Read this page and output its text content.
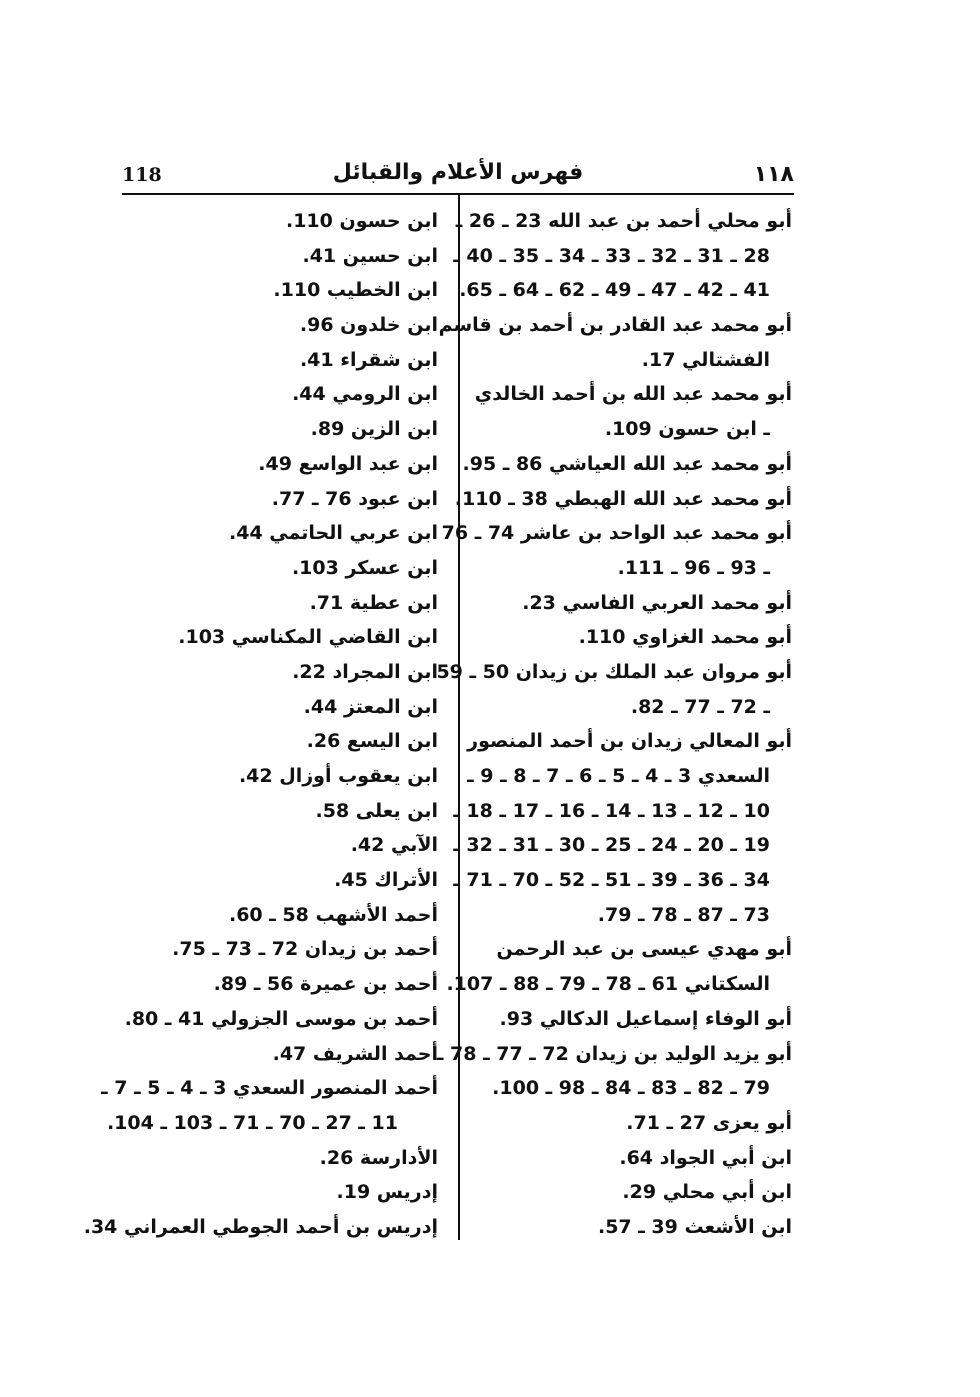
118	فهرس الأعلام والقبائل	١١٨
أبو محلي أحمد بن عبد الله 23 ـ 26 ـ
28 ـ 31 ـ 32 ـ 33 ـ 34 ـ 35 ـ 40 ـ
41 ـ 42 ـ 47 ـ 49 ـ 62 ـ 64 ـ 65.
أبو محمد عبد القادر بن أحمد بن قاسم
الفشتالي 17.
أبو محمد عبد الله بن أحمد الخالدي
ـ ابن حسون 109.
أبو محمد عبد الله العياشي 86 ـ 95.
أبو محمد عبد الله الهبطي 38 ـ 110.
أبو محمد عبد الواحد بن عاشر 74 ـ 76
ـ 93 ـ 96 ـ 111.
أبو محمد العربي الفاسي 23.
أبو محمد الغزاوي 110.
أبو مروان عبد الملك بن زيدان 50 ـ 59
ـ 72 ـ 77 ـ 82.
أبو المعالي زيدان بن أحمد المنصور
السعدي 3 ـ 4 ـ 5 ـ 6 ـ 7 ـ 8 ـ 9 ـ
10 ـ 12 ـ 13 ـ 14 ـ 16 ـ 17 ـ 18 ـ
19 ـ 20 ـ 24 ـ 25 ـ 30 ـ 31 ـ 32 ـ
34 ـ 36 ـ 39 ـ 51 ـ 52 ـ 70 ـ 71 ـ
73 ـ 87 ـ 78 ـ 79.
أبو مهدي عيسى بن عبد الرحمن
السكتاني 61 ـ 78 ـ 79 ـ 88 ـ 107.
أبو الوفاء إسماعيل الدكالي 93.
أبو يزيد الوليد بن زيدان 72 ـ 77 ـ 78 ـ
79 ـ 82 ـ 83 ـ 84 ـ 98 ـ 100.
أبو يعزى 27 ـ 71.
ابن أبي الجواد 64.
ابن أبي محلي 29.
ابن الأشعث 39 ـ 57.
ابن حسون 110.
ابن حسين 41.
ابن الخطيب 110.
ابن خلدون 96.
ابن شقراء 41.
ابن الرومي 44.
ابن الزين 89.
ابن عبد الواسع 49.
ابن عبود 76 ـ 77.
ابن عربي الحاتمي 44.
ابن عسكر 103.
ابن عطية 71.
ابن القاضي المكناسي 103.
ابن المجراد 22.
ابن المعتز 44.
ابن اليسع 26.
ابن يعقوب أوزال 42.
ابن يعلى 58.
الآبي 42.
الأتراك 45.
أحمد الأشهب 58 ـ 60.
أحمد بن زيدان 72 ـ 73 ـ 75.
أحمد بن عميرة 56 ـ 89.
أحمد بن موسى الجزولي 41 ـ 80.
أحمد الشريف 47.
أحمد المنصور السعدي 3 ـ 4 ـ 5 ـ 7 ـ
11 ـ 27 ـ 70 ـ 71 ـ 103 ـ 104.
الأدارسة 26.
إدريس 19.
إدريس بن أحمد الجوطي العمراني 34.
